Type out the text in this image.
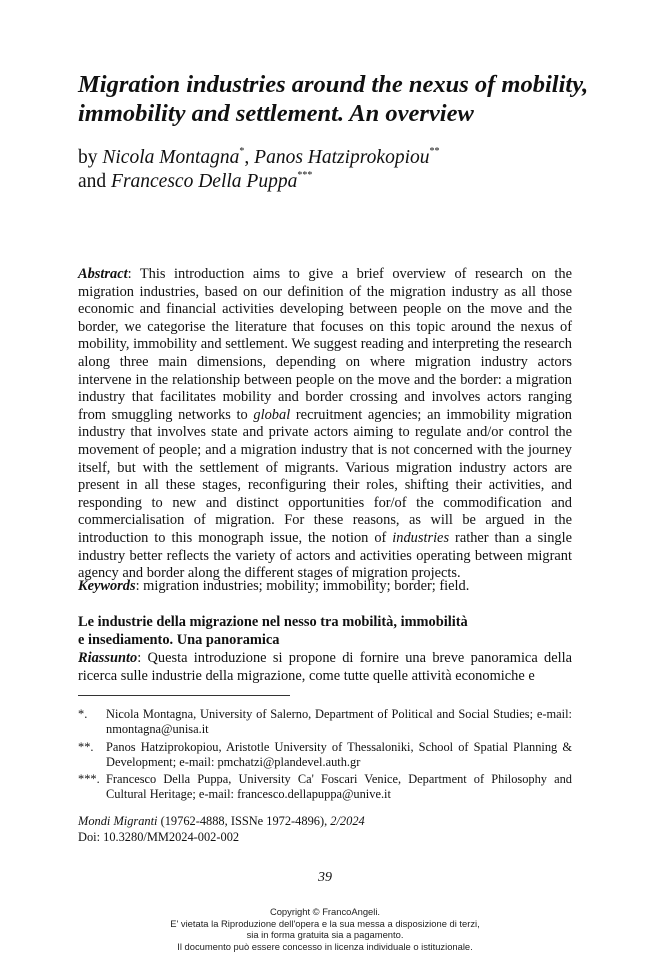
Migration industries around the nexus of mobility, immobility and settlement. An overview
by Nicola Montagna*, Panos Hatziprokopiou**
and Francesco Della Puppa***

Abstract: This introduction aims to give a brief overview of research on the migration industries, based on our definition of the migration industry as all those economic and financial activities developing between people on the move and the border, we categorise the literature that focuses on this topic around the nexus of mobility, immobility and settlement. We suggest reading and interpreting the research along three main dimensions, depending on where migration industry actors intervene in the relationship between people on the move and the border: a migration industry that facilitates mobility and border crossing and involves actors ranging from smuggling networks to global recruitment agencies; an immobility migration industry that involves state and private actors aiming to regulate and/or control the movement of people; and a migration industry that is not concerned with the journey itself, but with the settlement of migrants. Various migration industry actors are present in all these stages, reconfiguring their roles, shifting their activities, and responding to new and distinct opportunities for/of the commodification and commercialisation of migration. For these reasons, as will be argued in the introduction to this monograph issue, the notion of industries rather than a single industry better reflects the variety of actors and activities operating between migrant agency and border along the different stages of migration projects.

Keywords: migration industries; mobility; immobility; border; field.
Le industrie della migrazione nel nesso tra mobilità, immobilità
e insediamento. Una panoramica
Riassunto: Questa introduzione si propone di fornire una breve panoramica della ricerca sulle industrie della migrazione, come tutte quelle attività economiche e
*.	Nicola Montagna, University of Salerno, Department of Political and Social Studies; e-mail: nmontagna@unisa.it
**.	Panos Hatziprokopiou, Aristotle University of Thessaloniki, School of Spatial Planning & Development; e-mail: pmchatzi@plandevel.auth.gr
***. Francesco Della Puppa, University Ca' Foscari Venice, Department of Philosophy and Cultural Heritage; e-mail: francesco.dellapuppa@unive.it
Mondi Migranti (19762-4888, ISSNe 1972-4896), 2/2024
Doi: 10.3280/MM2024-002-002
39
Copyright © FrancoAngeli.
E' vietata la Riproduzione dell'opera e la sua messa a disposizione di terzi,
sia in forma gratuita sia a pagamento.
Il documento può essere concesso in licenza individuale o istituzionale.
